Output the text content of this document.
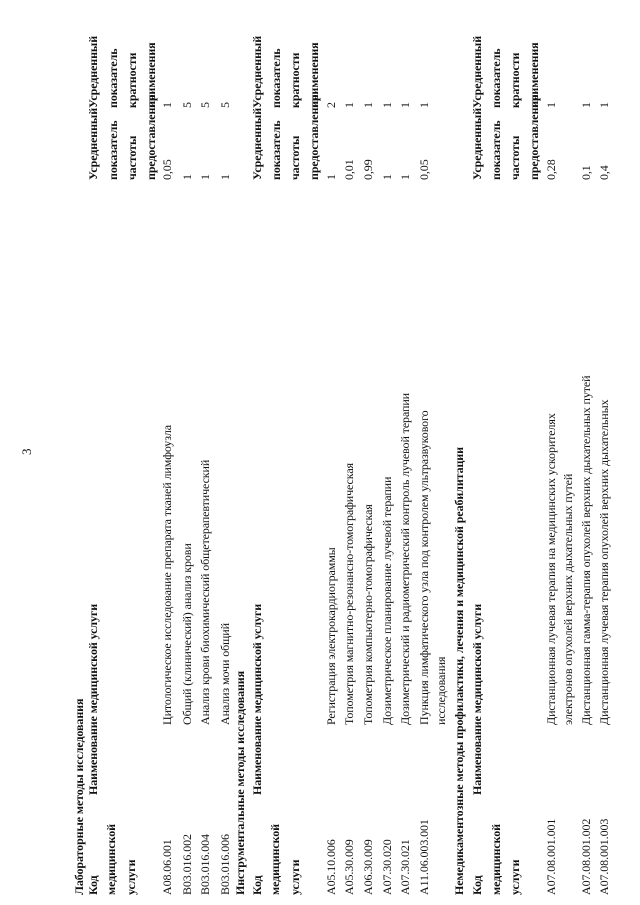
3
Лабораторные методы исследования Код медицинской услуги
Наименование медицинской услуги
Усредненный показатель частоты предоставления
Усредненный показатель кратности применения
A08.06.001
Цитологическое исследование препарата тканей лимфоузла
0,05
1
B03.016.002
Общий (клинический) анализ крови
1
5
B03.016.004
Анализ крови биохимический общетерапевтический
1
5
B03.016.006
Анализ мочи общий
1
5
Инструментальные методы исследования Код медицинской услуги
Наименование медицинской услуги
Усредненный показатель частоты предоставления
Усредненный показатель кратности применения
A05.10.006
Регистрация электрокардиограммы
1
2
A05.30.009
Топометрия магнитно-резонансно-томографическая
0,01
1
A06.30.009
Топометрия компьютерно-томографическая
0,99
1
A07.30.020
Дозиметрическое планирование лучевой терапии
1
1
A07.30.021
Дозиметрический и радиометрический контроль лучевой терапии
1
1
A11.06.003.001
Пункция лимфатического узла под контролем ультразвукового исследования
0,05
1
Немедикаментозные методы профилактики, лечения и медицинской реабилитации Код медицинской услуги
Наименование медицинской услуги
Усредненный показатель частоты предоставления
Усредненный показатель кратности применения
A07.08.001.001
Дистанционная лучевая терапия на медицинских ускорителях электронов опухолей верхних дыхательных путей
0,28
1
A07.08.001.002
Дистанционная гамма-терапия опухолей верхних дыхательных путей
0,1
1
A07.08.001.003
Дистанционная лучевая терапия опухолей верхних дыхательных
0,4
1
